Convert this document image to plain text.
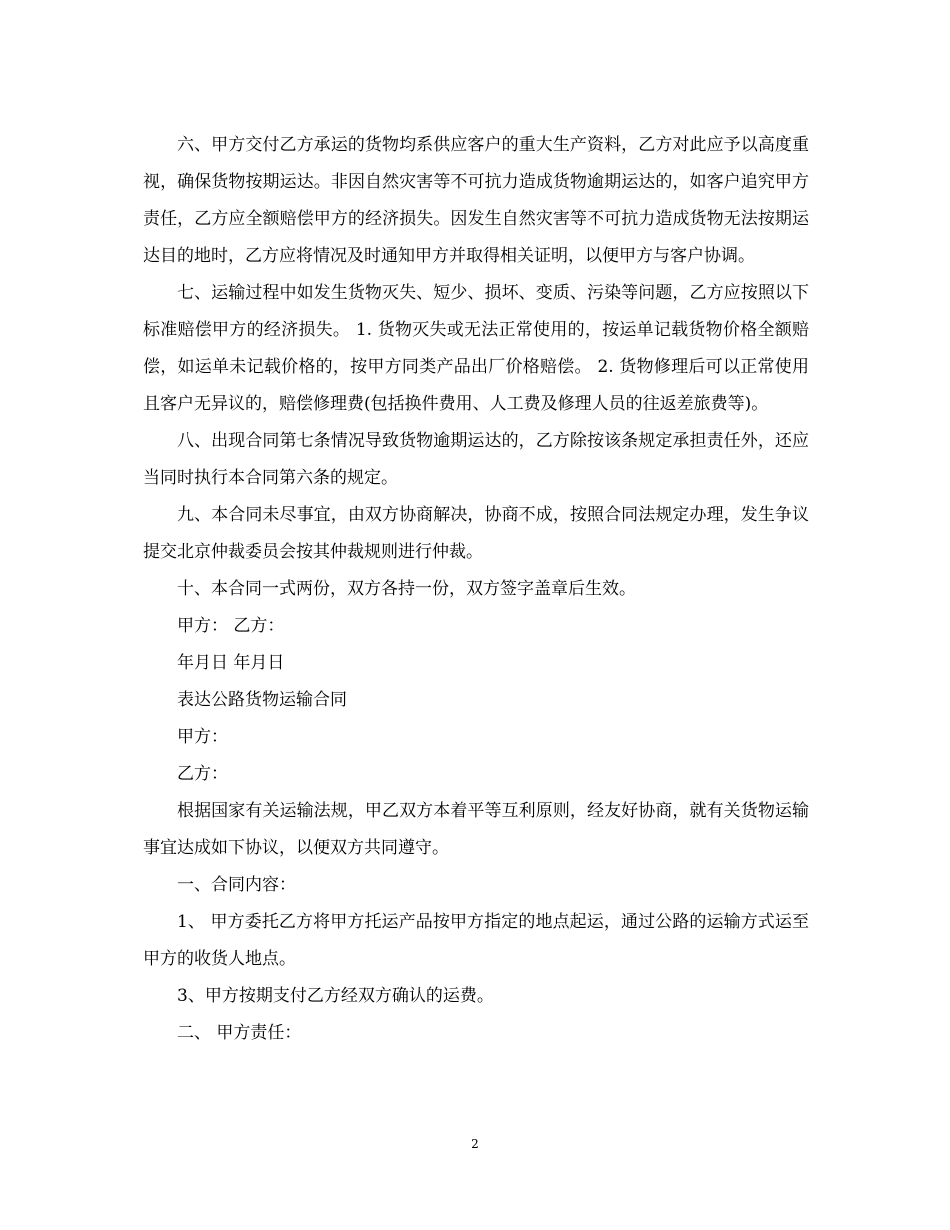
六、甲方交付乙方承运的货物均系供应客户的重大生产资料，乙方对此应予以高度重视，确保货物按期运达。非因自然灾害等不可抗力造成货物逾期运达的，如客户追究甲方责任，乙方应全额赔偿甲方的经济损失。因发生自然灾害等不可抗力造成货物无法按期运达目的地时，乙方应将情况及时通知甲方并取得相关证明，以便甲方与客户协调。

七、运输过程中如发生货物灭失、短少、损坏、变质、污染等问题，乙方应按照以下标准赔偿甲方的经济损失。 1. 货物灭失或无法正常使用的，按运单记载货物价格全额赔偿，如运单未记载价格的，按甲方同类产品出厂价格赔偿。 2. 货物修理后可以正常使用且客户无异议的，赔偿修理费(包括换件费用、人工费及修理人员的往返差旅费等)。

八、出现合同第七条情况导致货物逾期运达的，乙方除按该条规定承担责任外，还应当同时执行本合同第六条的规定。

九、本合同未尽事宜，由双方协商解决，协商不成，按照合同法规定办理，发生争议提交北京仲裁委员会按其仲裁规则进行仲裁。

十、本合同一式两份，双方各持一份，双方签字盖章后生效。

甲方： 乙方：

年月日 年月日

表达公路货物运输合同

甲方：

乙方：

根据国家有关运输法规，甲乙双方本着平等互利原则，经友好协商，就有关货物运输事宜达成如下协议，以便双方共同遵守。

一、合同内容：

1、 甲方委托乙方将甲方托运产品按甲方指定的地点起运，通过公路的运输方式运至甲方的收货人地点。

3、甲方按期支付乙方经双方确认的运费。

二、 甲方责任：

2
